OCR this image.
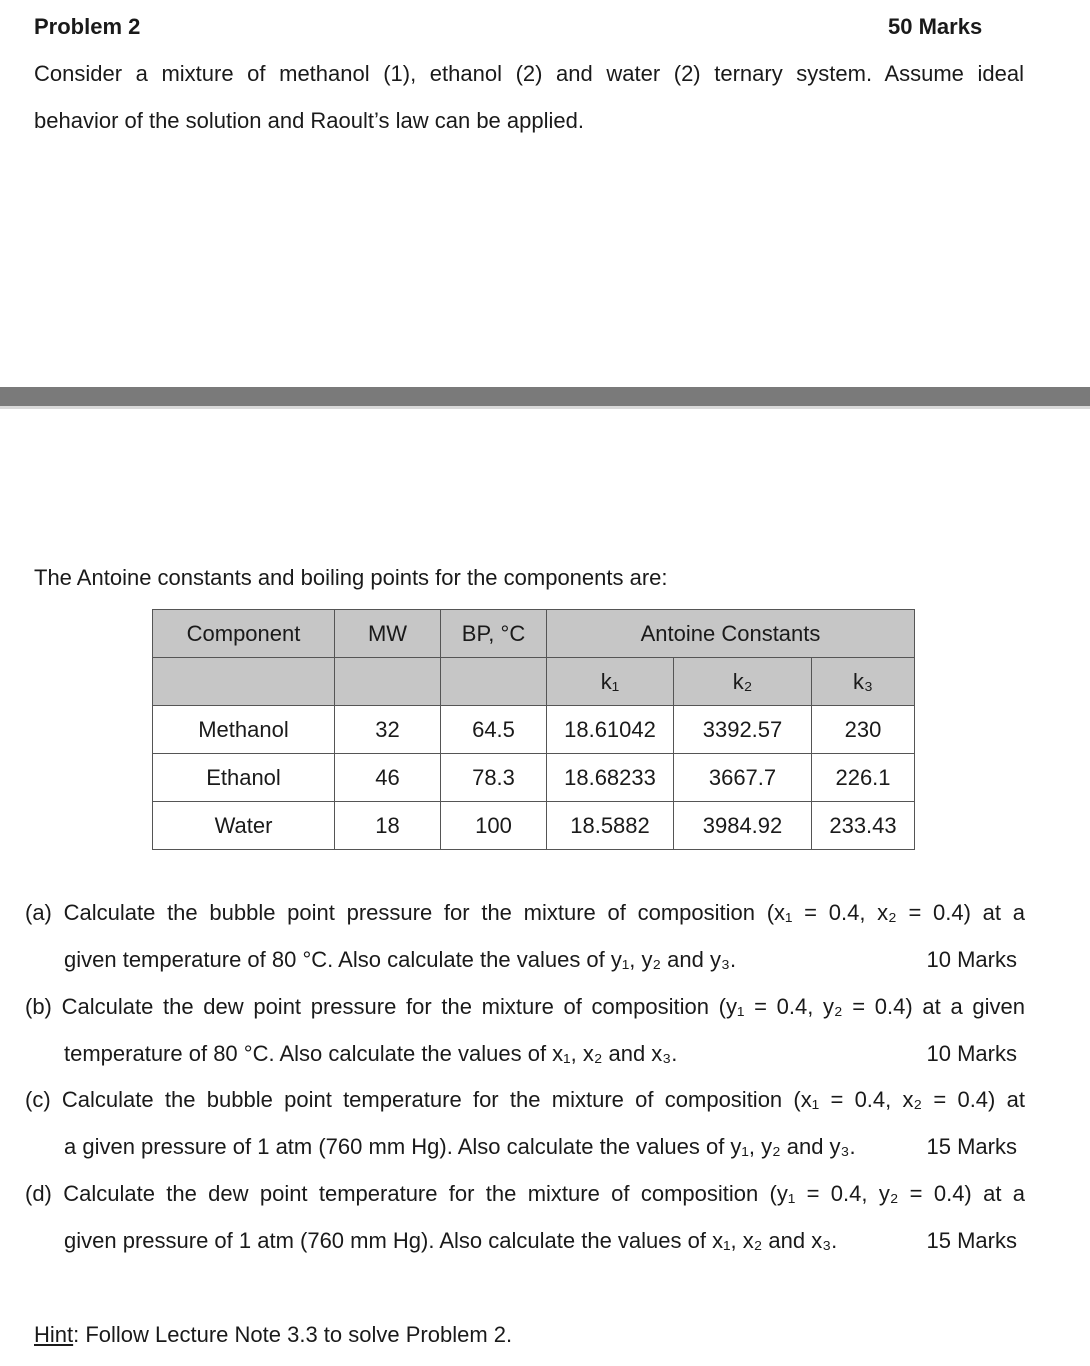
Problem 2	50 Marks
Consider a mixture of methanol (1), ethanol (2) and water (2) ternary system. Assume ideal
behavior of the solution and Raoult’s law can be applied.
The Antoine constants and boiling points for the components are:
Component	MW	BP, °C	Antoine Constants		
			k₁	k₂	k₃
Methanol	32	64.5	18.61042	3392.57	230
Ethanol	46	78.3	18.68233	3667.7	226.1
Water	18	100	18.5882	3984.92	233.43
(a) Calculate the bubble point pressure for the mixture of composition (x₁ = 0.4, x₂ = 0.4) at a
given temperature of 80 °C. Also calculate the values of y₁, y₂ and y₃.	10 Marks
(b) Calculate the dew point pressure for the mixture of composition (y₁ = 0.4, y₂ = 0.4) at a given
temperature of 80 °C. Also calculate the values of x₁, x₂ and x₃.	10 Marks
(c) Calculate the bubble point temperature for the mixture of composition (x₁ = 0.4, x₂ = 0.4) at
a given pressure of 1 atm (760 mm Hg). Also calculate the values of y₁, y₂ and y₃.	15 Marks
(d) Calculate the dew point temperature for the mixture of composition (y₁ = 0.4, y₂ = 0.4) at a
given pressure of 1 atm (760 mm Hg). Also calculate the values of x₁, x₂ and x₃.	15 Marks
Hint: Follow Lecture Note 3.3 to solve Problem 2.
